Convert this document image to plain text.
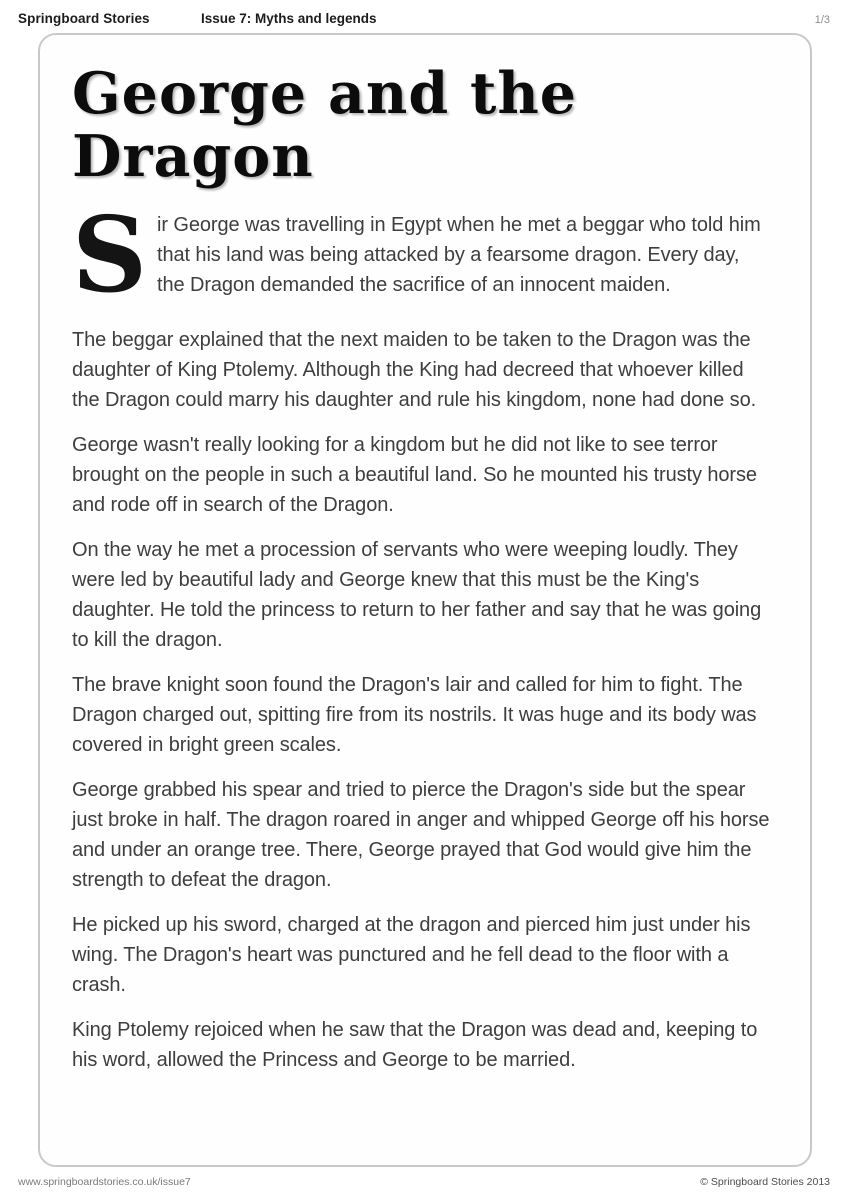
Springboard Stories	Issue 7: Myths and legends	1/3
George and the Dragon

Sir George was travelling in Egypt when he met a beggar who told him that his land was being attacked by a fearsome dragon. Every day, the Dragon demanded the sacrifice of an innocent maiden.

The beggar explained that the next maiden to be taken to the Dragon was the daughter of King Ptolemy. Although the King had decreed that whoever killed the Dragon could marry his daughter and rule his kingdom, none had done so.

George wasn't really looking for a kingdom but he did not like to see terror brought on the people in such a beautiful land. So he mounted his trusty horse and rode off in search of the Dragon.

On the way he met a procession of servants who were weeping loudly. They were led by beautiful lady and George knew that this must be the King's daughter. He told the princess to return to her father and say that he was going to kill the dragon.

The brave knight soon found the Dragon's lair and called for him to fight. The Dragon charged out, spitting fire from its nostrils. It was huge and its body was covered in bright green scales.

George grabbed his spear and tried to pierce the Dragon's side but the spear just broke in half. The dragon roared in anger and whipped George off his horse and under an orange tree. There, George prayed that God would give him the strength to defeat the dragon.

He picked up his sword, charged at the dragon and pierced him just under his wing. The Dragon's heart was punctured and he fell dead to the floor with a crash.

King Ptolemy rejoiced when he saw that the Dragon was dead and, keeping to his word, allowed the Princess and George to be married.

www.springboardstories.co.uk/issue7	© Springboard Stories 2013
